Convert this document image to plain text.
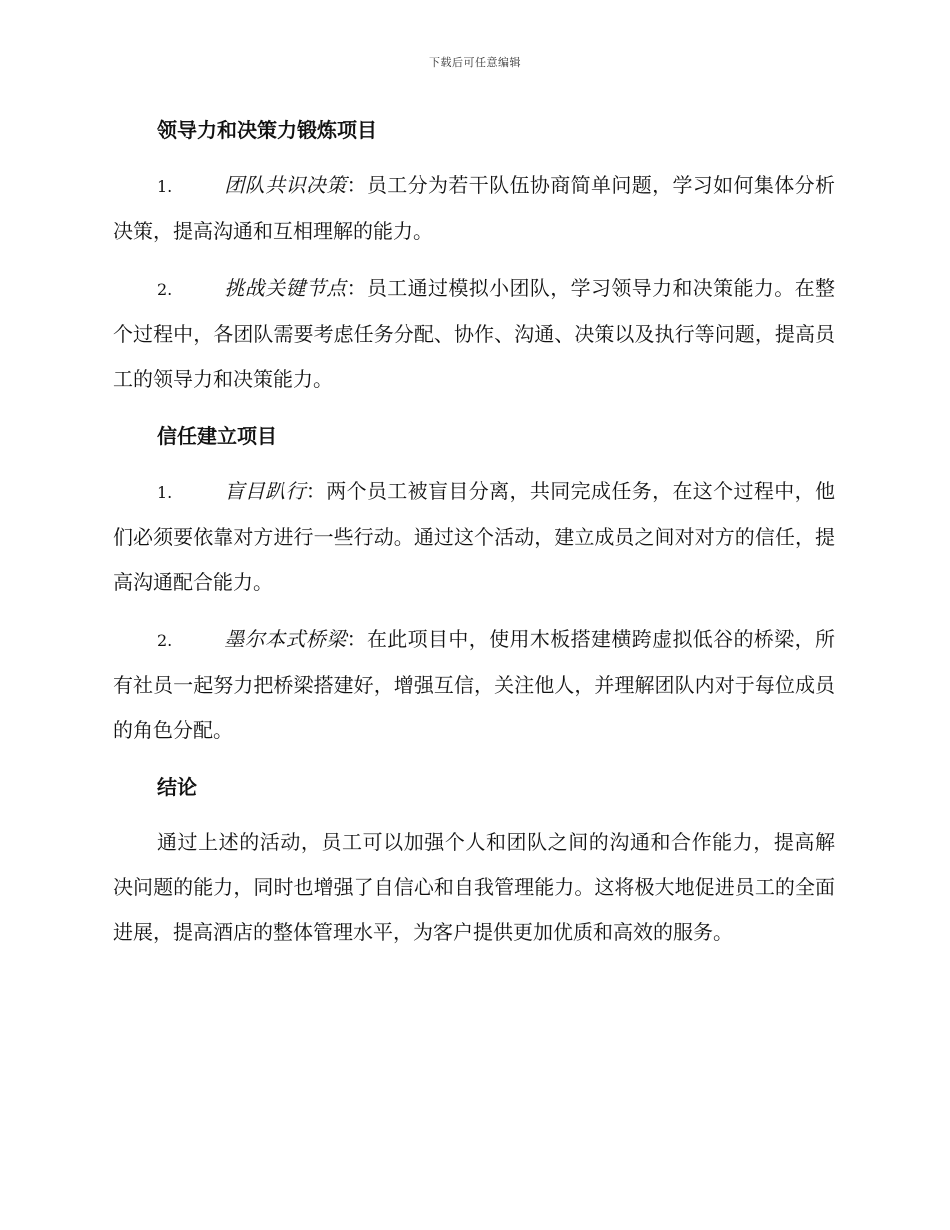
下载后可任意编辑
领导力和决策力锻炼项目

1.	团队共识决策：员工分为若干队伍协商简单问题，学习如何集体分析决策，提高沟通和互相理解的能力。

2.	挑战关键节点：员工通过模拟小团队，学习领导力和决策能力。在整个过程中，各团队需要考虑任务分配、协作、沟通、决策以及执行等问题，提高员工的领导力和决策能力。

信任建立项目

1.	盲目趴行：两个员工被盲目分离，共同完成任务，在这个过程中，他们必须要依靠对方进行一些行动。通过这个活动，建立成员之间对对方的信任，提高沟通配合能力。

2.	墨尔本式桥梁：在此项目中，使用木板搭建横跨虚拟低谷的桥梁，所有社员一起努力把桥梁搭建好，增强互信，关注他人，并理解团队内对于每位成员的角色分配。

结论

通过上述的活动，员工可以加强个人和团队之间的沟通和合作能力，提高解决问题的能力，同时也增强了自信心和自我管理能力。这将极大地促进员工的全面进展，提高酒店的整体管理水平，为客户提供更加优质和高效的服务。
